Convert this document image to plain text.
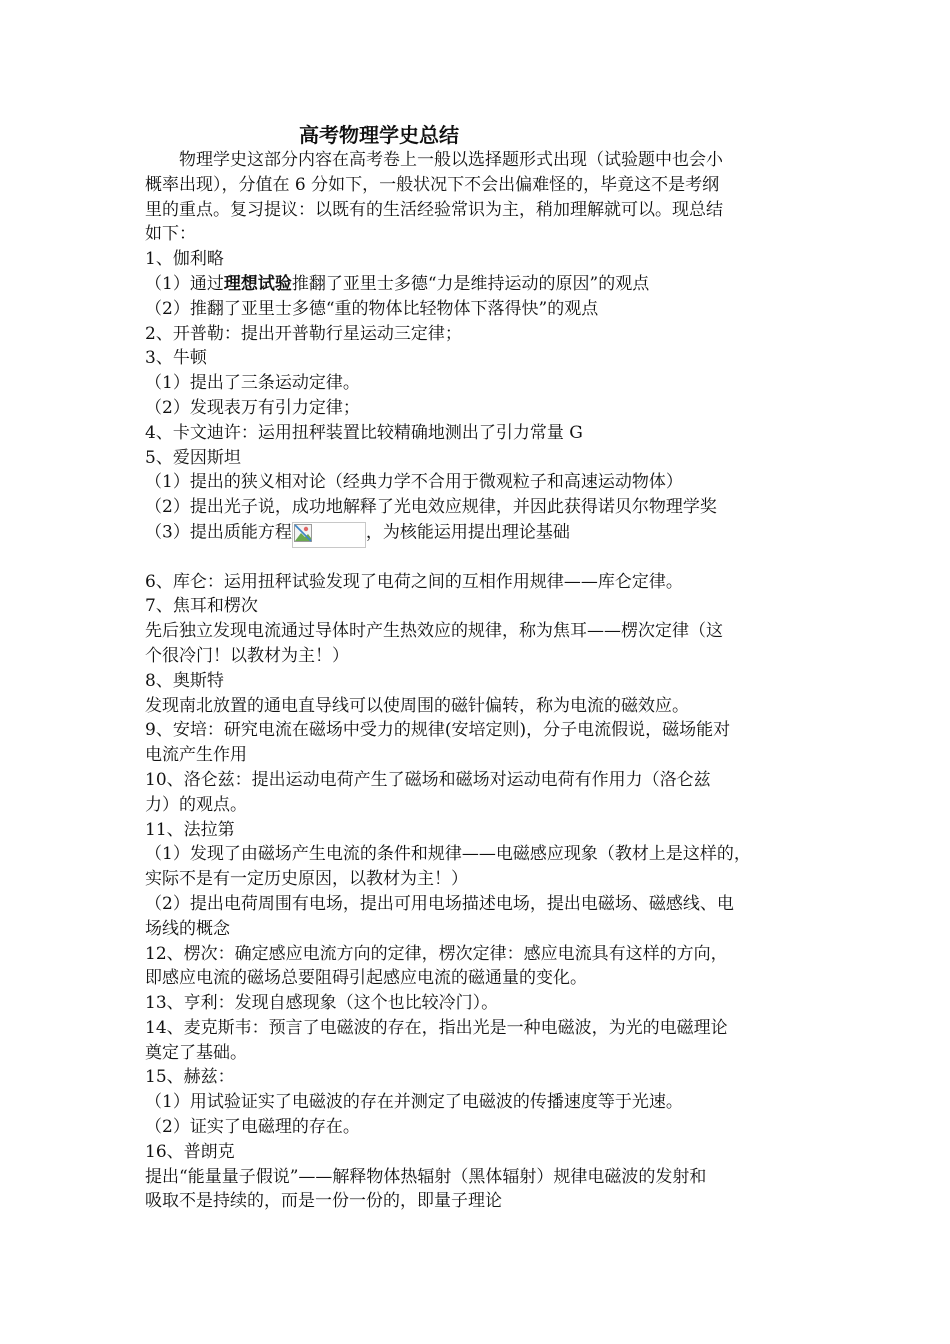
高考物理学史总结
物理学史这部分内容在高考卷上一般以选择题形式出现（试验题中也会小
概率出现），分值在 6 分如下，一般状况下不会出偏难怪的，毕竟这不是考纲
里的重点。复习提议：以既有的生活经验常识为主，稍加理解就可以。现总结
如下：
1、伽利略
（1）通过理想试验推翻了亚里士多德“力是维持运动的原因”的观点
（2）推翻了亚里士多德“重的物体比轻物体下落得快”的观点
2、开普勒：提出开普勒行星运动三定律；
3、牛顿
（1）提出了三条运动定律。
（2）发现表万有引力定律；
4、卡文迪许：运用扭秤装置比较精确地测出了引力常量 G
5、爱因斯坦
（1）提出的狭义相对论（经典力学不合用于微观粒子和高速运动物体）
（2）提出光子说，成功地解释了光电效应规律，并因此获得诺贝尔物理学奖
（3）提出质能方程	，为核能运用提出理论基础
6、库仑：运用扭秤试验发现了电荷之间的互相作用规律——库仑定律。
7、焦耳和楞次
先后独立发现电流通过导体时产生热效应的规律，称为焦耳——楞次定律（这
个很冷门！以教材为主！）
8、奥斯特
发现南北放置的通电直导线可以使周围的磁针偏转，称为电流的磁效应。
9、安培：研究电流在磁场中受力的规律(安培定则)，分子电流假说，磁场能对
电流产生作用
10、洛仑兹：提出运动电荷产生了磁场和磁场对运动电荷有作用力（洛仑兹
力）的观点。
11、法拉第
（1）发现了由磁场产生电流的条件和规律——电磁感应现象（教材上是这样的，
实际不是有一定历史原因，以教材为主！）
（2）提出电荷周围有电场，提出可用电场描述电场，提出电磁场、磁感线、电
场线的概念
12、楞次：确定感应电流方向的定律，楞次定律：感应电流具有这样的方向，
即感应电流的磁场总要阻碍引起感应电流的磁通量的变化。
13、亨利：发现自感现象（这个也比较冷门）。
14、麦克斯韦：预言了电磁波的存在，指出光是一种电磁波，为光的电磁理论
奠定了基础。
15、赫兹：
（1）用试验证实了电磁波的存在并测定了电磁波的传播速度等于光速。
（2）证实了电磁理的存在。
16、普朗克
提出“能量量子假说”——解释物体热辐射（黑体辐射）规律电磁波的发射和
吸取不是持续的，而是一份一份的，即量子理论
